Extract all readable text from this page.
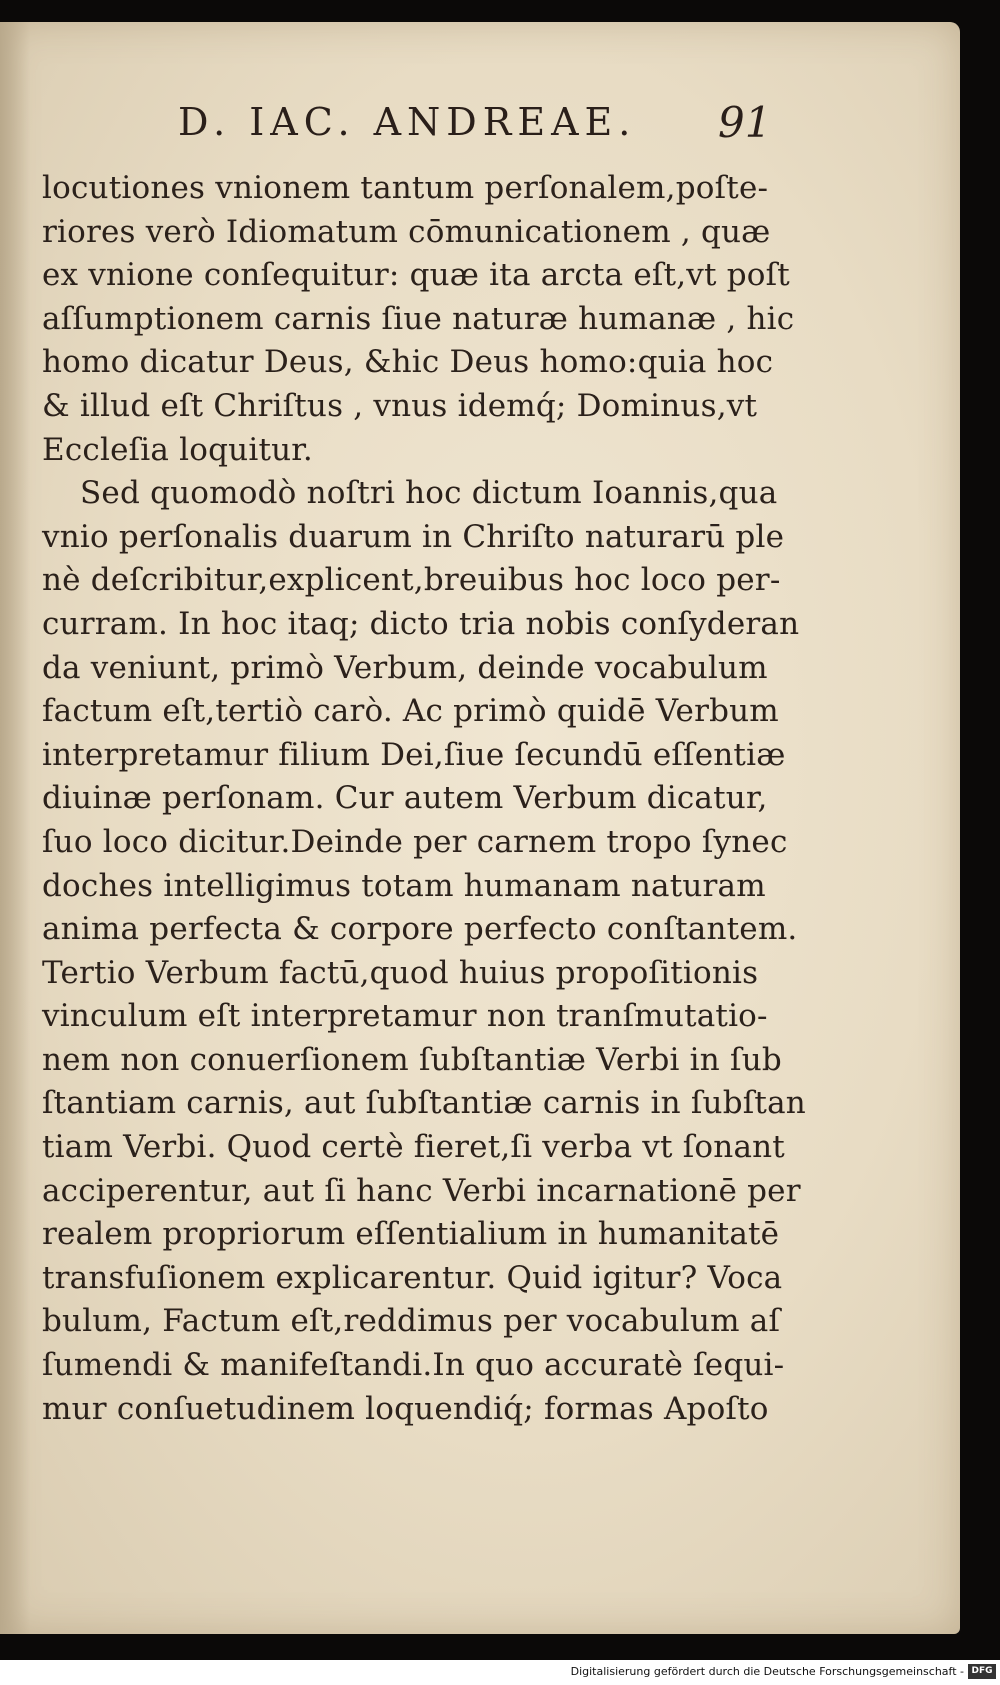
D. IAC. ANDREAE. 91
locutiones vnionem tantum perſonalem,poſte-
riores verò Idiomatum cōmunicationem , quæ
ex vnione conſequitur: quæ ita arcta eſt,vt poſt
aſſumptionem carnis ſiue naturæ humanæ , hic
homo dicatur Deus, &hic Deus homo:quia hoc
& illud eſt Chriſtus , vnus idemq́; Dominus,vt
Eccleſia loquitur.
Sed quomodò noſtri hoc dictum Ioannis,qua
vnio perſonalis duarum in Chriſto naturarū ple
nè deſcribitur,explicent,breuibus hoc loco per-
curram. In hoc itaq; dicto tria nobis conſyderan
da veniunt, primò Verbum, deinde vocabulum
factum eſt,tertiò carò. Ac primò quidē Verbum
interpretamur filium Dei,ſiue ſecundū eſſentiæ
diuinæ perſonam. Cur autem Verbum dicatur,
ſuo loco dicitur.Deinde per carnem tropo ſynec
doches intelligimus totam humanam naturam
anima perfecta & corpore perfecto conſtantem.
Tertio Verbum factū,quod huius propoſitionis
vinculum eſt interpretamur non tranſmutatio-
nem non conuerſionem ſubſtantiæ Verbi in ſub
ſtantiam carnis, aut ſubſtantiæ carnis in ſubſtan
tiam Verbi. Quod certè fieret,ſi verba vt ſonant
acciperentur, aut ſi hanc Verbi incarnationē per
realem propriorum eſſentialium in humanitatē
transfuſionem explicarentur. Quid igitur? Voca
bulum, Factum eſt,reddimus per vocabulum aſ
ſumendi & manifeſtandi.In quo accuratè ſequi-
mur conſuetudinem loquendiq́; formas Apoſto
Digitalisierung gefördert durch die Deutsche Forschungsgemeinschaft - DFG
